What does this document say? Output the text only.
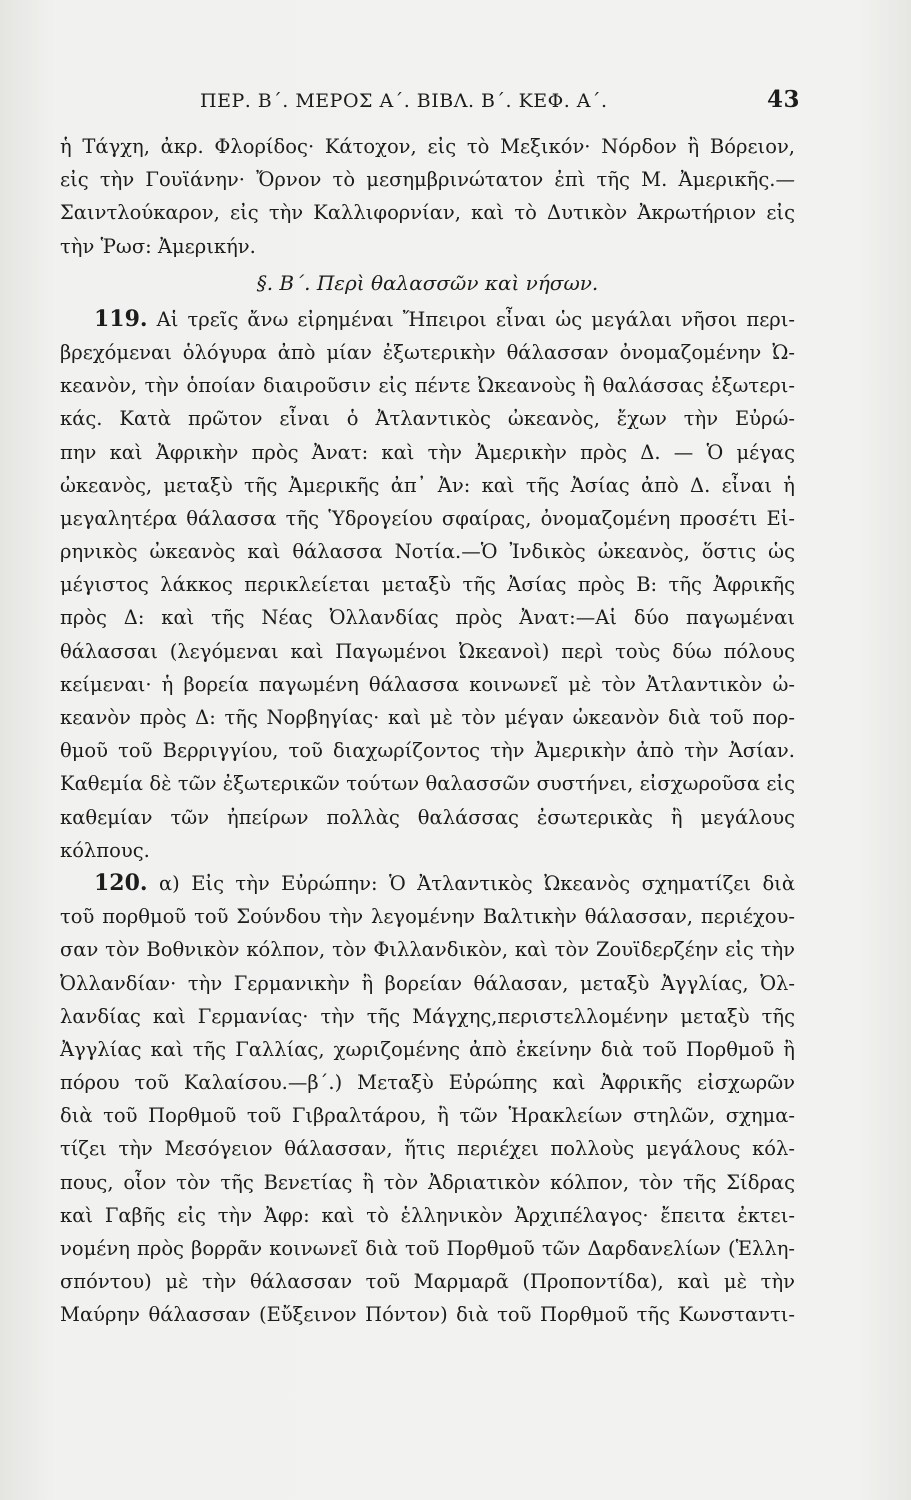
ΠΕΡ. Β΄. ΜΕΡΟΣ Α΄. ΒΙΒΛ. Β΄. ΚΕΦ. Α΄.	43
ἡ Τάγχη, ἀκρ. Φλορίδος· Κάτοχον, εἰς τὸ Μεξικόν· Νόρδον ἢ Βόρειον,
εἰς τὴν Γουϊάνην· Ὄρνον τὸ μεσημβρινώτατον ἐπὶ τῆς Μ. Ἀμερικῆς.—
Σαιντλούκαρον, εἰς τὴν Καλλιφορνίαν, καὶ τὸ Δυτικὸν Ἀκρωτήριον εἰς
τὴν Ῥωσ: Ἀμερικήν.
§. Β΄. Περὶ θαλασσῶν καὶ νήσων.
119. Αἱ τρεῖς ἄνω εἰρημέναι Ἤπειροι εἶναι ὡς μεγάλαι νῆσοι περι-
βρεχόμεναι ὁλόγυρα ἀπὸ μίαν ἐξωτερικὴν θάλασσαν ὀνομαζομένην Ὠ-
κεανὸν, τὴν ὁποίαν διαιροῦσιν εἰς πέντε Ὠκεανοὺς ἢ θαλάσσας ἐξωτερι-
κάς. Κατὰ πρῶτον εἶναι ὁ Ἀτλαντικὸς ὠκεανὸς, ἔχων τὴν Εὐρώ-
πην καὶ Ἀφρικὴν πρὸς Ἀνατ: καὶ τὴν Ἀμερικὴν πρὸς Δ. — Ὁ μέγας
ὠκεανὸς, μεταξὺ τῆς Ἀμερικῆς ἀπ᾽ Ἀν: καὶ τῆς Ἀσίας ἀπὸ Δ. εἶναι ἡ
μεγαλητέρα θάλασσα τῆς Ὑδρογείου σφαίρας, ὀνομαζομένη προσέτι Εἰ-
ρηνικὸς ὠκεανὸς καὶ θάλασσα Νοτία.—Ὁ Ἰνδικὸς ὠκεανὸς, ὅστις ὡς
μέγιστος λάκκος περικλείεται μεταξὺ τῆς Ἀσίας πρὸς Β: τῆς Ἀφρικῆς
πρὸς Δ: καὶ τῆς Νέας Ὀλλανδίας πρὸς Ἀνατ:—Αἱ δύο παγωμέναι
θάλασσαι (λεγόμεναι καὶ Παγωμένοι Ὠκεανοὶ) περὶ τοὺς δύω πόλους
κείμεναι· ἡ βορεία παγωμένη θάλασσα κοινωνεῖ μὲ τὸν Ἀτλαντικὸν ὠ-
κεανὸν πρὸς Δ: τῆς Νορβηγίας· καὶ μὲ τὸν μέγαν ὠκεανὸν διὰ τοῦ πορ-
θμοῦ τοῦ Βερριγγίου, τοῦ διαχωρίζοντος τὴν Ἀμερικὴν ἀπὸ τὴν Ἀσίαν.
Καθεμία δὲ τῶν ἐξωτερικῶν τούτων θαλασσῶν συστήνει, εἰσχωροῦσα εἰς
καθεμίαν τῶν ἠπείρων πολλὰς θαλάσσας ἐσωτερικὰς ἢ μεγάλους
κόλπους.
120. α) Εἰς τὴν Εὐρώπην: Ὁ Ἀτλαντικὸς Ὠκεανὸς σχηματίζει διὰ
τοῦ πορθμοῦ τοῦ Σούνδου τὴν λεγομένην Βαλτικὴν θάλασσαν, περιέχου-
σαν τὸν Βοθνικὸν κόλπον, τὸν Φιλλανδικὸν, καὶ τὸν Ζουϊδερζέην εἰς τὴν
Ὀλλανδίαν· τὴν Γερμανικὴν ἢ βορείαν θάλασαν, μεταξὺ Ἀγγλίας, Ὀλ-
λανδίας καὶ Γερμανίας· τὴν τῆς Μάγχης,περιστελλομένην μεταξὺ τῆς
Ἀγγλίας καὶ τῆς Γαλλίας, χωριζομένης ἀπὸ ἐκείνην διὰ τοῦ Πορθμοῦ ἢ
πόρου τοῦ Καλαίσου.—β΄.) Μεταξὺ Εὐρώπης καὶ Ἀφρικῆς εἰσχωρῶν
διὰ τοῦ Πορθμοῦ τοῦ Γιβραλτάρου, ἢ τῶν Ἡρακλείων στηλῶν, σχημα-
τίζει τὴν Μεσόγειον θάλασσαν, ἥτις περιέχει πολλοὺς μεγάλους κόλ-
πους, οἷον τὸν τῆς Βενετίας ἢ τὸν Ἀδριατικὸν κόλπον, τὸν τῆς Σίδρας
καὶ Γαβῆς εἰς τὴν Ἀφρ: καὶ τὸ ἑλληνικὸν Ἀρχιπέλαγος· ἔπειτα ἐκτει-
νομένη πρὸς βορρᾶν κοινωνεῖ διὰ τοῦ Πορθμοῦ τῶν Δαρδανελίων (Ἑλλη-
σπόντου) μὲ τὴν θάλασσαν τοῦ Μαρμαρᾶ (Προποντίδα), καὶ μὲ τὴν
Μαύρην θάλασσαν (Εὔξεινον Πόντον) διὰ τοῦ Πορθμοῦ τῆς Κωνσταντι-
